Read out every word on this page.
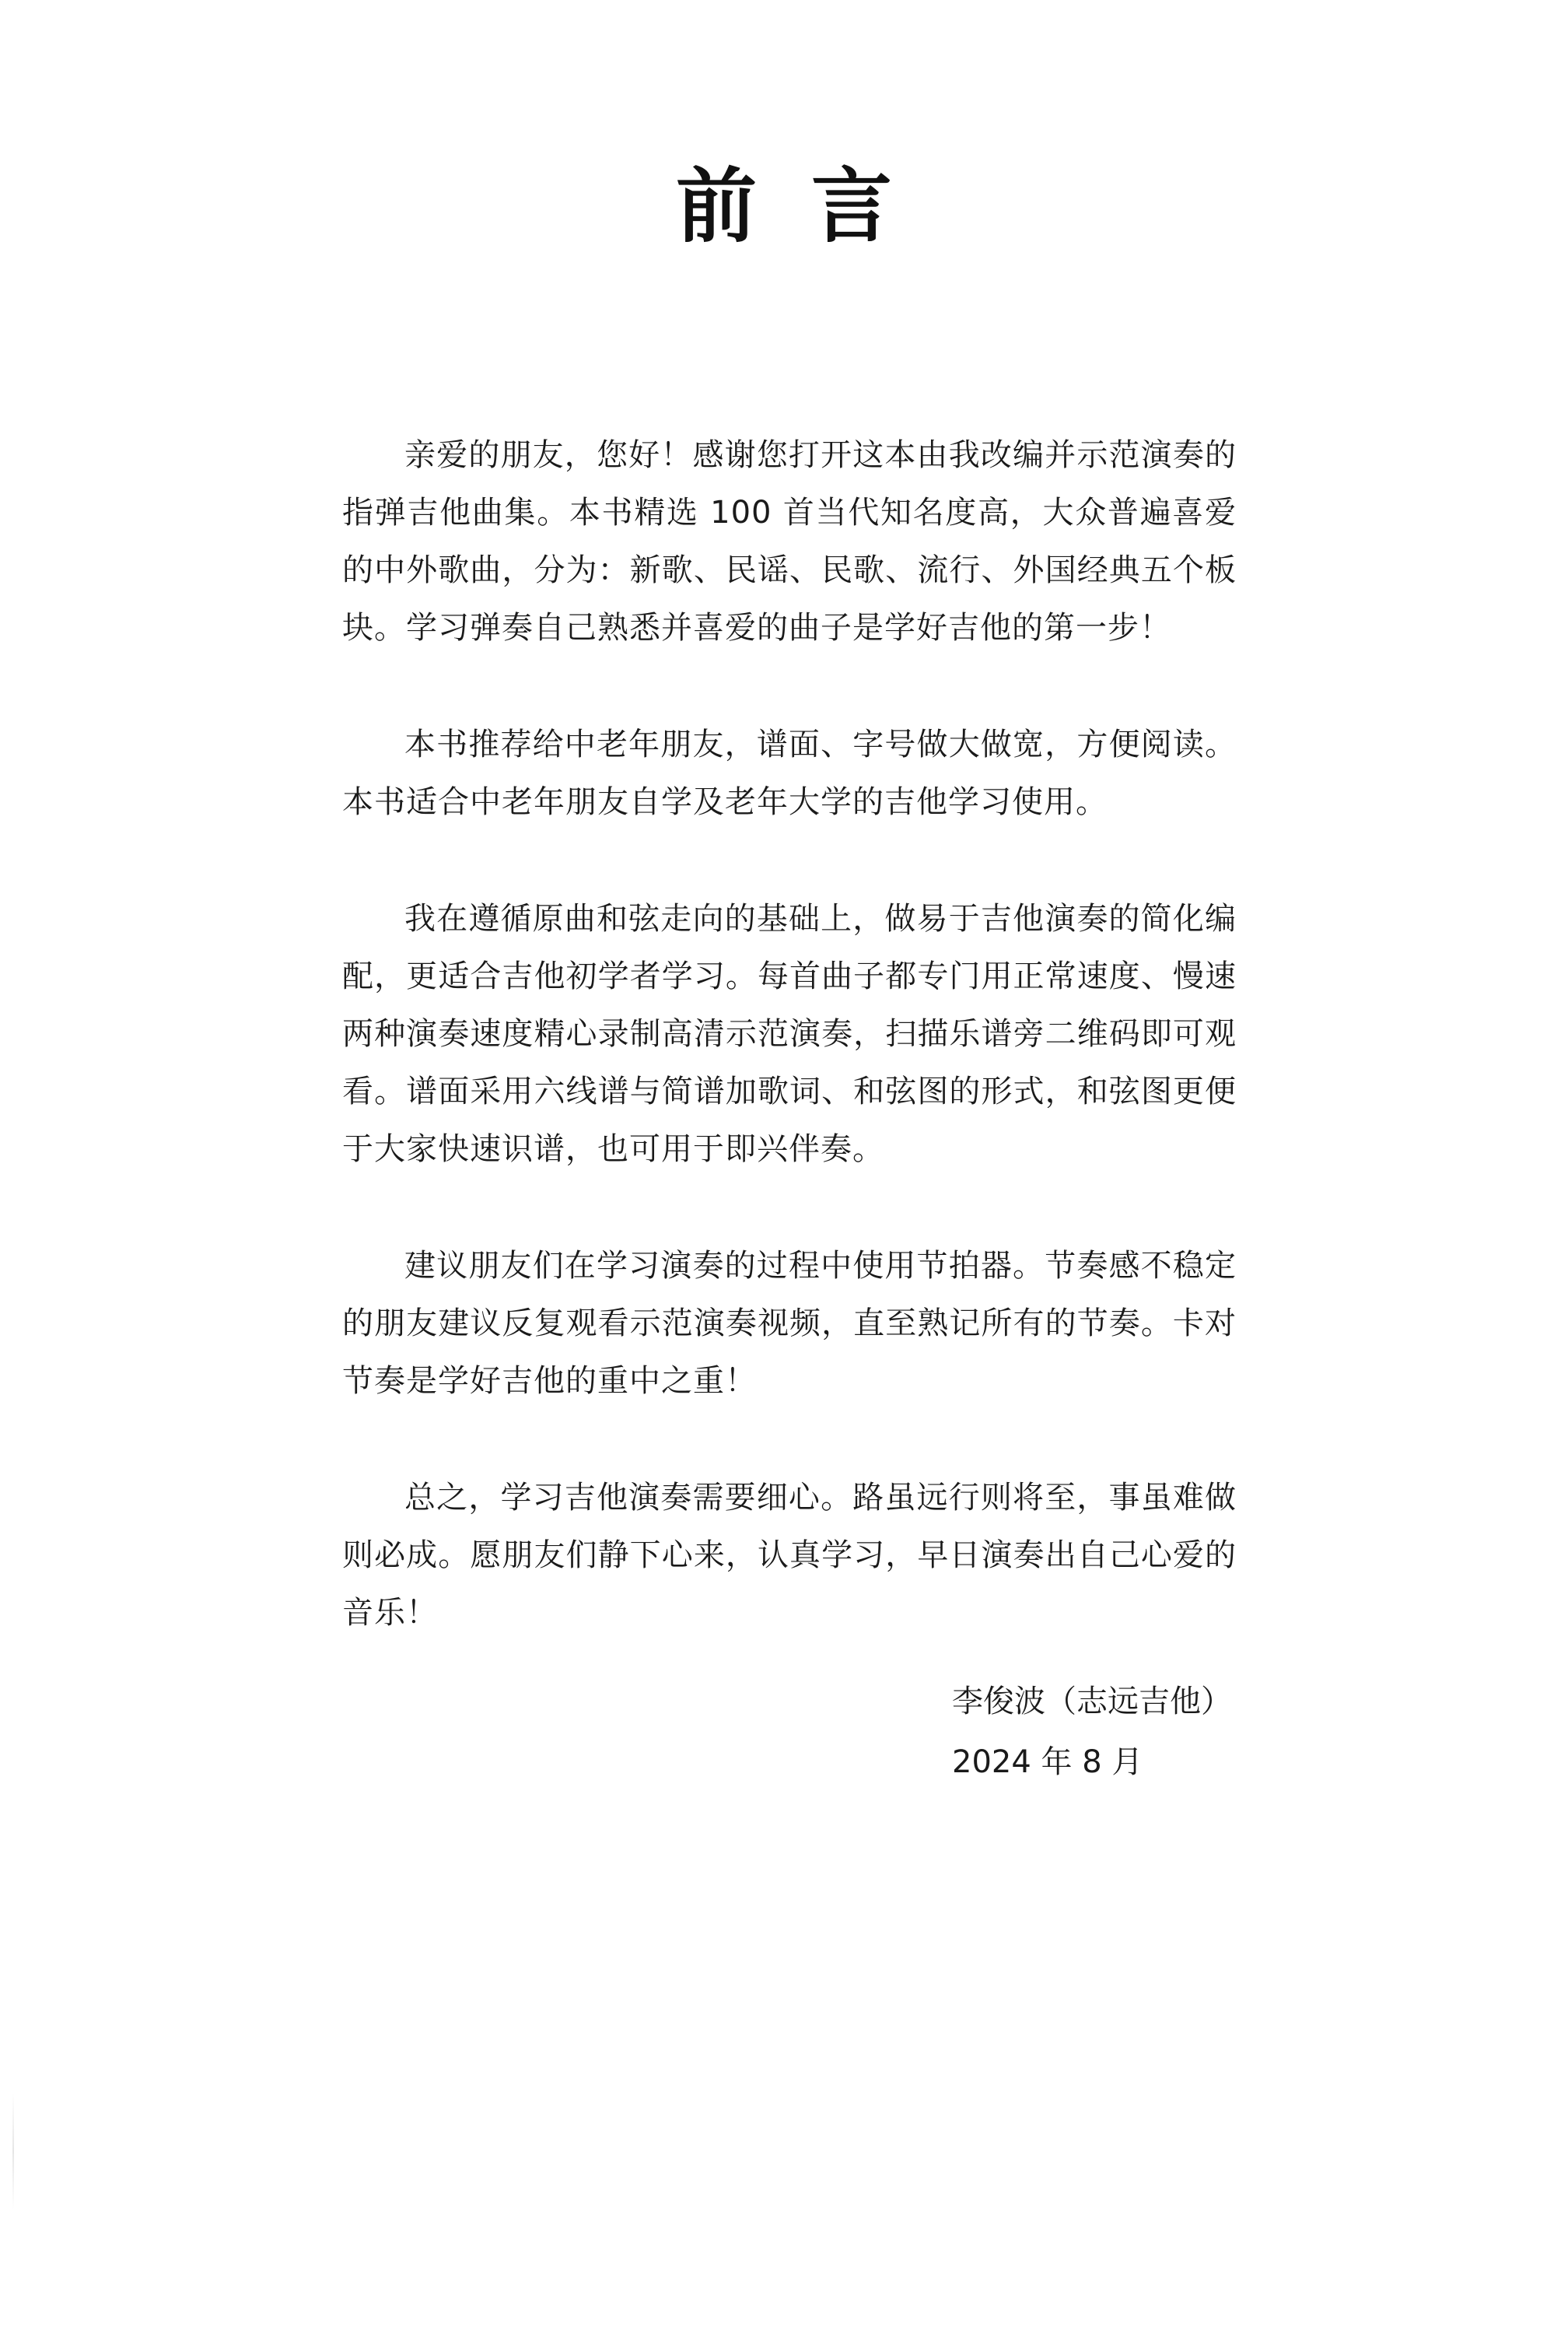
前言

亲爱的朋友，您好！感谢您打开这本由我改编并示范演奏的指弹吉他曲集。本书精选 100 首当代知名度高，大众普遍喜爱的中外歌曲，分为：新歌、民谣、民歌、流行、外国经典五个板块。学习弹奏自己熟悉并喜爱的曲子是学好吉他的第一步！

本书推荐给中老年朋友，谱面、字号做大做宽，方便阅读。本书适合中老年朋友自学及老年大学的吉他学习使用。

我在遵循原曲和弦走向的基础上，做易于吉他演奏的简化编配，更适合吉他初学者学习。每首曲子都专门用正常速度、慢速两种演奏速度精心录制高清示范演奏，扫描乐谱旁二维码即可观看。谱面采用六线谱与简谱加歌词、和弦图的形式，和弦图更便于大家快速识谱，也可用于即兴伴奏。

建议朋友们在学习演奏的过程中使用节拍器。节奏感不稳定的朋友建议反复观看示范演奏视频，直至熟记所有的节奏。卡对节奏是学好吉他的重中之重！

总之，学习吉他演奏需要细心。路虽远行则将至，事虽难做则必成。愿朋友们静下心来，认真学习，早日演奏出自己心爱的音乐！

李俊波（志远吉他）
2024 年 8 月
